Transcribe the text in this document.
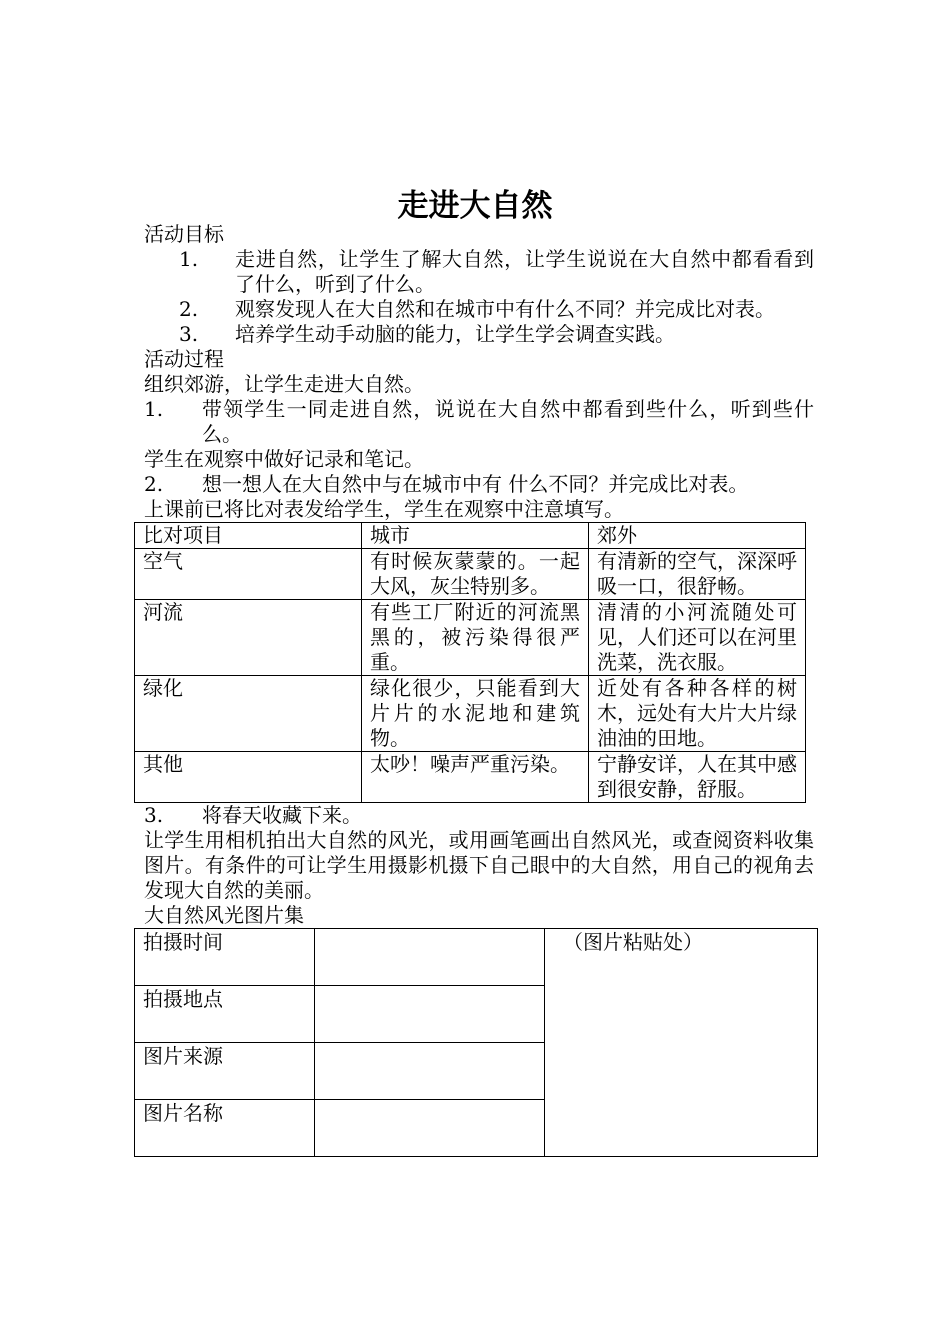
走进大自然

活动目标

1.	走进自然，让学生了解大自然，让学生说说在大自然中都看看到了什么，听到了什么。
2.	观察发现人在大自然和在城市中有什么不同？并完成比对表。
3.	培养学生动手动脑的能力，让学生学会调查实践。

活动过程

组织郊游，让学生走进大自然。

1.	带领学生一同走进自然，说说在大自然中都看到些什么，听到些什么。

学生在观察中做好记录和笔记。

2.	想一想人在大自然中与在城市中有 什么不同？并完成比对表。

上课前已将比对表发给学生，学生在观察中注意填写。

比对项目	城市	郊外
空气	有时候灰蒙蒙的。一起大风，灰尘特别多。	有清新的空气，深深呼吸一口，很舒畅。
河流	有些工厂附近的河流黑黑的，被污染得很严重。	清清的小河流随处可见，人们还可以在河里洗菜，洗衣服。
绿化	绿化很少，只能看到大片片的水泥地和建筑物。	近处有各种各样的树木，远处有大片大片绿油油的田地。
其他	太吵！噪声严重污染。	宁静安详，人在其中感到很安静，舒服。
3.	将春天收藏下来。

让学生用相机拍出大自然的风光，或用画笔画出自然风光，或查阅资料收集图片。有条件的可让学生用摄影机摄下自己眼中的大自然，用自己的视角去发现大自然的美丽。

大自然风光图片集

拍摄时间		（图片粘贴处）
拍摄地点		
图片来源		
图片名称		
